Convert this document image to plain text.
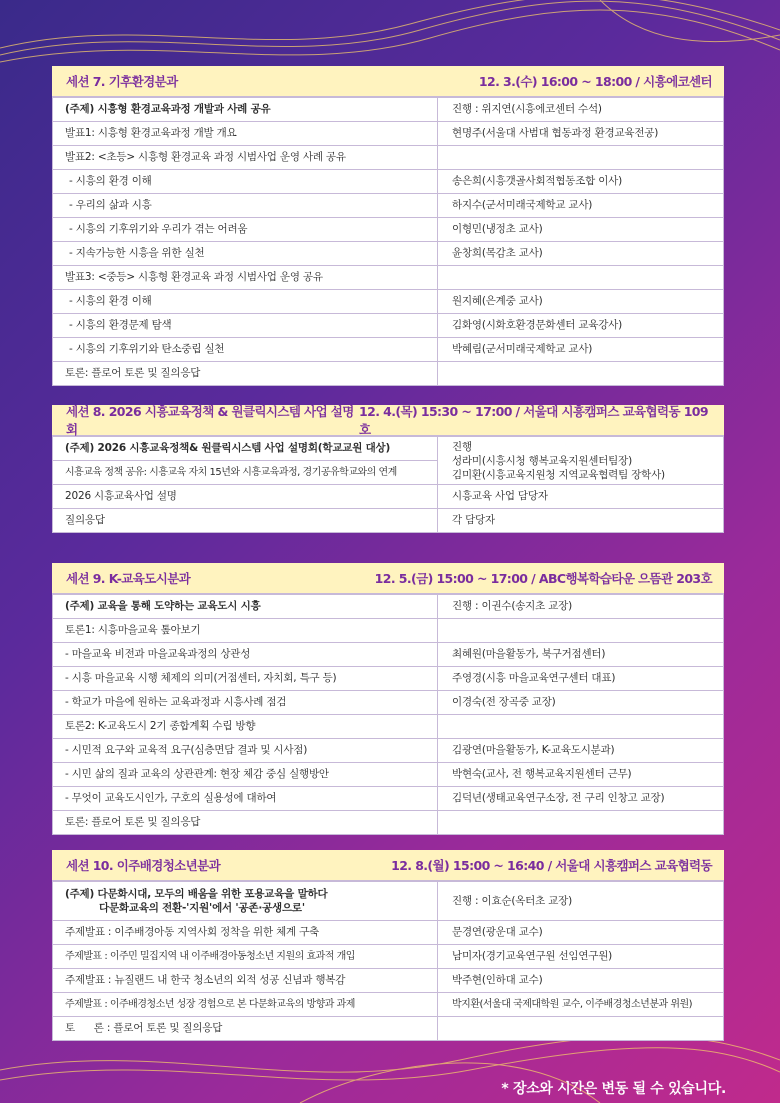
세션 7. 기후환경분과	12. 3.(수) 16:00 ~ 18:00 / 시흥에코센터
(주제) 시흥형 환경교육과정 개발과 사례 공유	진행 : 위지연(시흥에코센터 수석)
발표1: 시흥형 환경교육과정 개발 개요	현명주(서울대 사범대 협동과정 환경교육전공)
발표2: <초등> 시흥형 환경교육 과정 시범사업 운영 사례 공유	
- 시흥의 환경 이해	송은희(시흥갯골사회적협동조합 이사)
- 우리의 삶과 시흥	하지수(군서미래국제학교 교사)
- 시흥의 기후위기와 우리가 겪는 어려움	이형민(냉정초 교사)
- 지속가능한 시흥을 위한 실천	윤창희(목감초 교사)
발표3: <중등> 시흥형 환경교육 과정 시범사업 운영 공유	
- 시흥의 환경 이해	원지혜(은계중 교사)
- 시흥의 환경문제 탐색	김화영(시화호환경문화센터 교육강사)
- 시흥의 기후위기와 탄소중립 실천	박혜림(군서미래국제학교 교사)
토론: 플로어 토론 및 질의응답	
세션 8. 2026 시흥교육정책 & 원클릭시스템 사업 설명회
12. 4.(목) 15:30 ~ 17:00 / 서울대 시흥캠퍼스 교육협력동 109호
(주제) 2026 시흥교육정책& 원클릭시스템 사업 설명회(학교교원 대상)	진행
성라미(시흥시청 행복교육지원센터팀장)
김미환(시흥교육지원청 지역교육협력팀 장학사)

시흥교육 정책 공유: 시흥교육 자치 15년와 시흥교육과정, 경기공유학교와의 연계	
2026 시흥교육사업 설명	시흥교육 사업 담당자
질의응답	각 담당자
세션 9. K-교육도시분과	12. 5.(금) 15:00 ~ 17:00 / ABC행복학습타운 으뜸관 203호
(주제) 교육을 통해 도약하는 교육도시 시흥	진행 : 이권수(송지초 교장)
토론1: 시흥마을교육 톺아보기	
- 마을교육 비전과 마을교육과정의 상관성	최혜원(마을활동가, 북구거점센터)
- 시흥 마을교육 시행 체제의 의미(거점센터, 자치회, 특구 등)	주영경(시흥 마을교육연구센터 대표)
- 학교가 마을에 원하는 교육과정과 시흥사례 점검	이경숙(전 장곡중 교장)
토론2: K-교육도시 2기 종합계획 수립 방향	
- 시민적 요구와 교육적 요구(심층면담 결과 및 시사점)	김광연(마을활동가, K-교육도시분과)
- 시민 삶의 질과 교육의 상관관계: 현장 체감 중심 실행방안	박현숙(교사, 전 행복교육지원센터 근무)
- 무엇이 교육도시인가, 구호의 실용성에 대하여	김덕년(생태교육연구소장, 전 구리 인창고 교장)
토론: 플로어 토론 및 질의응답	
세션 10. 이주배경청소년분과	12. 8.(월) 15:00 ~ 16:40 / 서울대 시흥캠퍼스 교육협력동
(주제) 다문화시대, 모두의 배움을 위한 포용교육을 말하다
다문화교육의 전환-'지원'에서 '공존·공생으로'	진행 : 이효순(옥터초 교장)
주제발표 : 이주배경아동 지역사회 정착을 위한 체계 구축	문경연(광운대 교수)
주제발표 : 이주민 밀집지역 내 이주배경아동청소년 지원의 효과적 개입	남미자(경기교육연구원 선임연구원)
주제발표 : 뉴질랜드 내 한국 청소년의 외적 성공 신념과 행복감	박주현(인하대 교수)
주제발표 : 이주배경청소년 성장 경험으로 본 다문화교육의 방향과 과제	박지환(서울대 국제대학원 교수, 이주배경청소년분과 위원)
토      론 : 플로어 토론 및 질의응답	
* 장소와 시간은 변동 될 수 있습니다.
